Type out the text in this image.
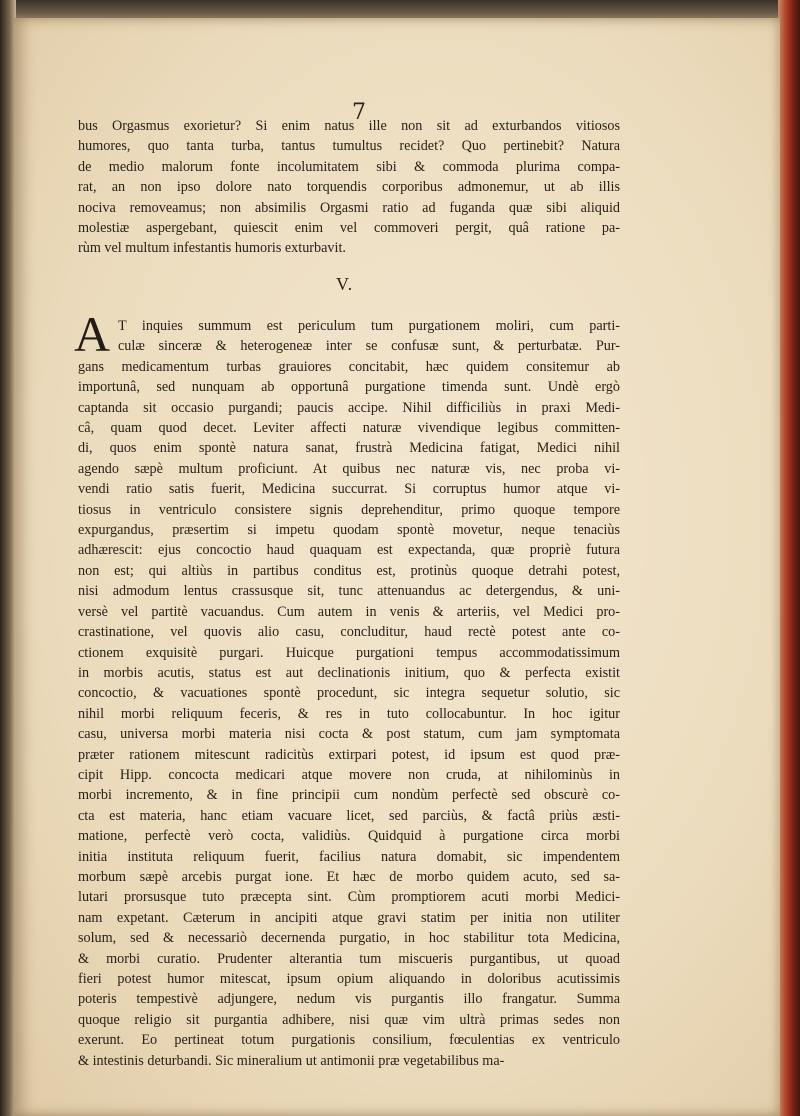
7
bus Orgasmus exorietur? Si enim natus ille non sit ad exturbandos vitiosos
humores, quo tanta turba, tantus tumultus recidet? Quo pertinebit? Natura
de medio malorum fonte incolumitatem sibi & commoda plurima compa-
rat, an non ipso dolore nato torquendis corporibus admonemur, ut ab illis
nociva removeamus; non absimilis Orgasmi ratio ad fuganda quæ sibi aliquid
molestiæ aspergebant, quiescit enim vel commoveri pergit, quâ ratione pa-
rùm vel multum infestantis humoris exturbavit.
V.
A T inquies summum est periculum tum purgationem moliri, cum parti-
culæ sinceræ & heterogeneæ inter se confusæ sunt, & perturbatæ. Pur-
gans medicamentum turbas grauiores concitabit, hæc quidem consitemur ab
importunâ, sed nunquam ab opportunâ purgatione timenda sunt. Undè ergò
captanda sit occasio purgandi; paucis accipe. Nihil difficiliùs in praxi Medi-
câ, quam quod decet. Leviter affecti naturæ vivendique legibus committen-
di, quos enim spontè natura sanat, frustrà Medicina fatigat, Medici nihil
agendo sæpè multum proficiunt. At quibus nec naturæ vis, nec proba vi-
vendi ratio satis fuerit, Medicina succurrat. Si corruptus humor atque vi-
tiosus in ventriculo consistere signis deprehenditur, primo quoque tempore
expurgandus, præsertim si impetu quodam spontè movetur, neque tenaciùs
adhærescit: ejus concoctio haud quaquam est expectanda, quæ propriè futura
non est; qui altiùs in partibus conditus est, protinùs quoque detrahi potest,
nisi admodum lentus crassusque sit, tunc attenuandus ac detergendus, & uni-
versè vel partitè vacuandus. Cum autem in venis & arteriis, vel Medici pro-
crastinatione, vel quovis alio casu, concluditur, haud rectè potest ante co-
ctionem exquisitè purgari. Huicque purgationi tempus accommodatissimum
in morbis acutis, status est aut declinationis initium, quo & perfecta existit
concoctio, & vacuationes spontè procedunt, sic integra sequetur solutio, sic
nihil morbi reliquum feceris, & res in tuto collocabuntur. In hoc igitur
casu, universa morbi materia nisi cocta & post statum, cum jam symptomata
præter rationem mitescunt radicitùs extirpari potest, id ipsum est quod præ-
cipit Hipp. concocta medicari atque movere non cruda, at nihilominùs in
morbi incremento, & in fine principii cum nondùm perfectè sed obscurè co-
cta est materia, hanc etiam vacuare licet, sed parciùs, & factâ priùs æsti-
matione, perfectè verò cocta, validiùs. Quidquid à purgatione circa morbi
initia instituta reliquum fuerit, facilius natura domabit, sic impendentem
morbum sæpè arcebis purgat ione. Et hæc de morbo quidem acuto, sed sa-
lutari prorsusque tuto præcepta sint. Cùm promptiorem acuti morbi Medici-
nam expetant. Cæterum in ancipiti atque gravi statim per initia non utiliter
solum, sed & necessariò decernenda purgatio, in hoc stabilitur tota Medicina,
& morbi curatio. Prudenter alterantia tum miscueris purgantibus, ut quoad
fieri potest humor mitescat, ipsum opium aliquando in doloribus acutissimis
poteris tempestivè adjungere, nedum vis purgantis illo frangatur. Summa
quoque religio sit purgantia adhibere, nisi quæ vim ultrà primas sedes non
exerunt. Eo pertineat totum purgationis consilium, fœculentias ex ventriculo
& intestinis deturbandi. Sic mineralium ut antimonii præ vegetabilibus ma-
